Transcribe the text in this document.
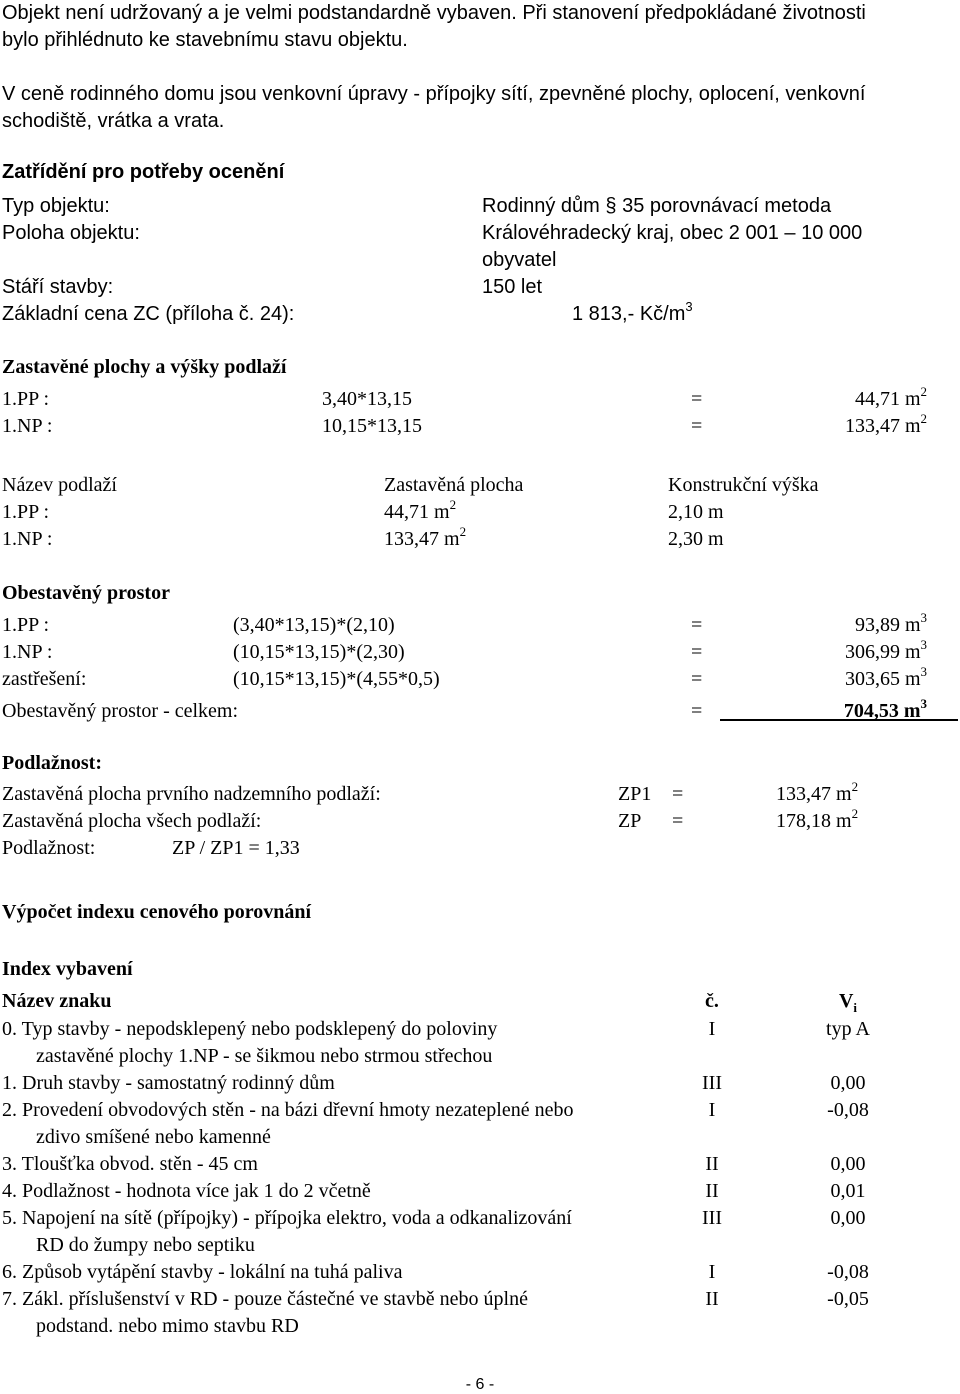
Objekt není udržovaný a je velmi podstandardně vybaven. Při stanovení předpokládané životnosti
bylo přihlédnuto ke stavebnímu stavu objektu.
V ceně rodinného domu jsou venkovní úpravy - přípojky sítí, zpevněné plochy, oplocení, venkovní
schodiště, vrátka a vrata.
Zatřídění pro potřeby ocenění
Typ objektu:	Rodinný dům § 35 porovnávací metoda
Poloha objektu:	Královéhradecký kraj, obec 2 001 – 10 000
obyvatel
Stáří stavby:	150 let
Základní cena ZC (příloha č. 24):	1 813,- $Kč/m^3$
Zastavěné plochy a výšky podlaží
1.PP :	3,40*13,15	=	44,71 $m^2$
1.NP :	10,15*13,15	=	133,47 $m^2$
Název podlaží	Zastavěná plocha	Konstrukční výška
1.PP :	44,71 $m^2$	2,10 m
1.NP :	133,47 $m^2$	2,30 m
Obestavěný prostor
1.PP :	(3,40*13,15)*(2,10)	=	93,89 $m^3$
1.NP :	(10,15*13,15)*(2,30)	=	306,99 $m^3$
zastřešení:	(10,15*13,15)*(4,55*0,5)	=	303,65 $m^3$
Obestavěný prostor - celkem:	=	704,53 $m^3$
Podlažnost:
Zastavěná plocha prvního nadzemního podlaží:	ZP1 =	133,47 $m^2$
Zastavěná plocha všech podlaží:	ZP =	178,18 $m^2$
Podlažnost:	ZP / ZP1 = 1,33
Výpočet indexu cenového porovnání
Index vybavení
Název znaku	č.	$V_i$
0. Typ stavby - nepodsklepený nebo podsklepený do poloviny	I	typ A
zastavěné plochy 1.NP - se šikmou nebo strmou střechou
1. Druh stavby - samostatný rodinný dům	III	0,00
2. Provedení obvodových stěn - na bázi dřevní hmoty nezateplené nebo	I	-0,08
zdivo smíšené nebo kamenné
3. Tloušťka obvod. stěn - 45 cm	II	0,00
4. Podlažnost - hodnota více jak 1 do 2 včetně	II	0,01
5. Napojení na sítě (přípojky) - přípojka elektro, voda a odkanalizování	III	0,00
RD do žumpy nebo septiku
6. Způsob vytápění stavby - lokální na tuhá paliva	I	-0,08
7. Zákl. příslušenství v RD - pouze částečné ve stavbě nebo úplné	II	-0,05
podstand. nebo mimo stavbu RD
- 6 -
